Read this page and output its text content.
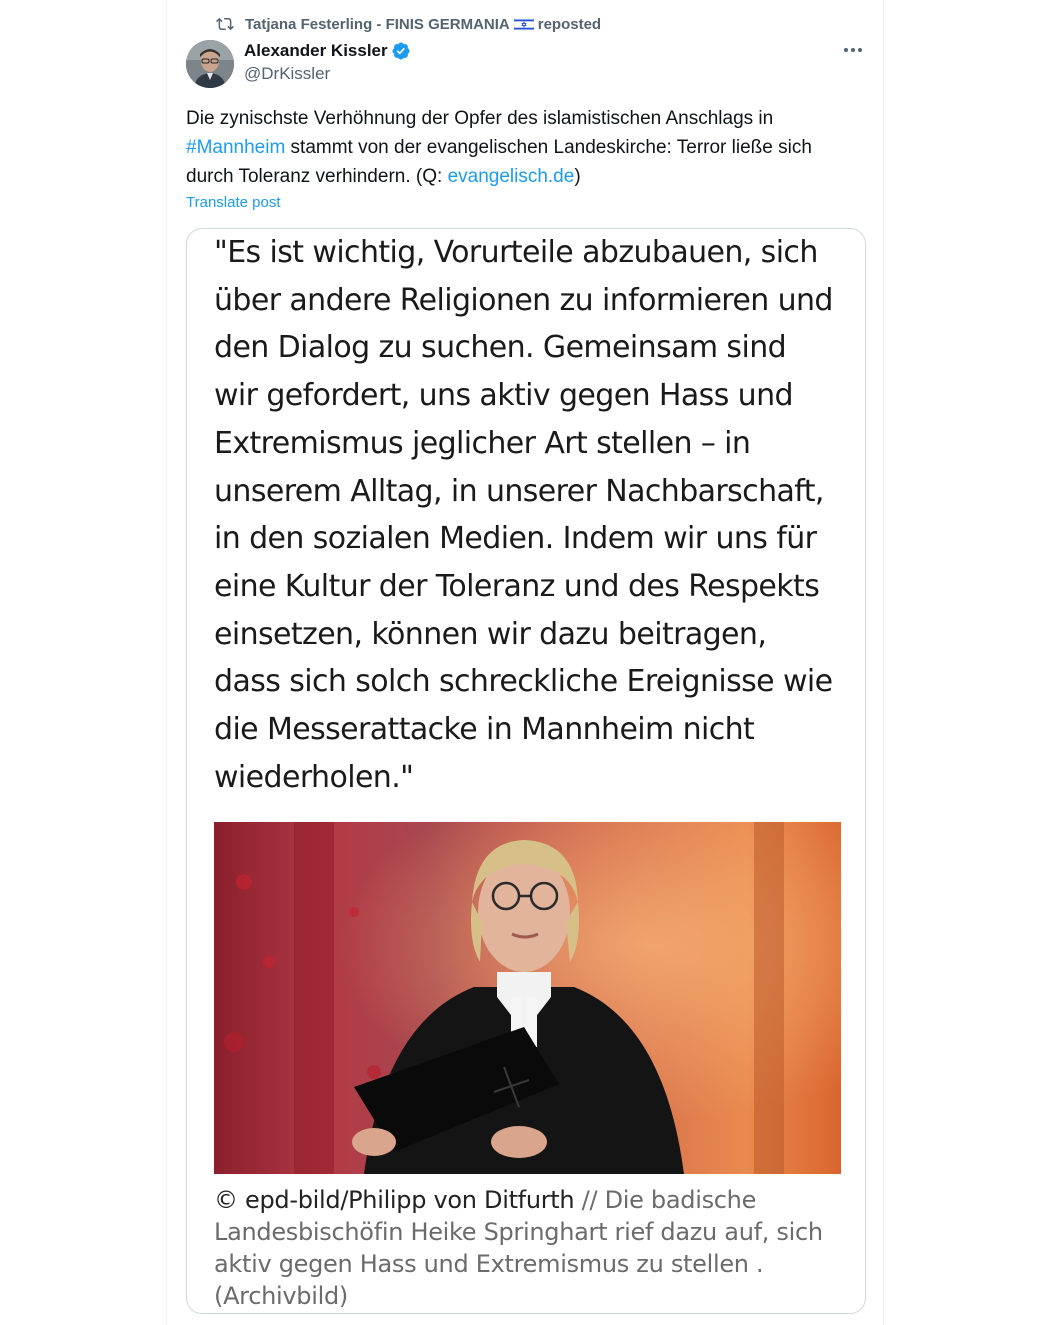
Tatjana Festerling - FINIS GERMANIA reposted
Alexander Kissler
@DrKissler
Die zynischste Verhöhnung der Opfer des islamistischen Anschlags in #Mannheim stammt von der evangelischen Landeskirche: Terror ließe sich durch Toleranz verhindern. (Q: evangelisch.de)
Translate post
"Es ist wichtig, Vorurteile abzubauen, sich über andere Religionen zu informieren und den Dialog zu suchen. Gemeinsam sind wir gefordert, uns aktiv gegen Hass und Extremismus jeglicher Art stellen – in unserem Alltag, in unserer Nachbarschaft, in den sozialen Medien. Indem wir uns für eine Kultur der Toleranz und des Respekts einsetzen, können wir dazu beitragen, dass sich solch schreckliche Ereignisse wie die Messerattacke in Mannheim nicht wiederholen."
© epd-bild/Philipp von Ditfurth // Die badische Landesbischöfin Heike Springhart rief dazu auf, sich aktiv gegen Hass und Extremismus zu stellen . (Archivbild)
